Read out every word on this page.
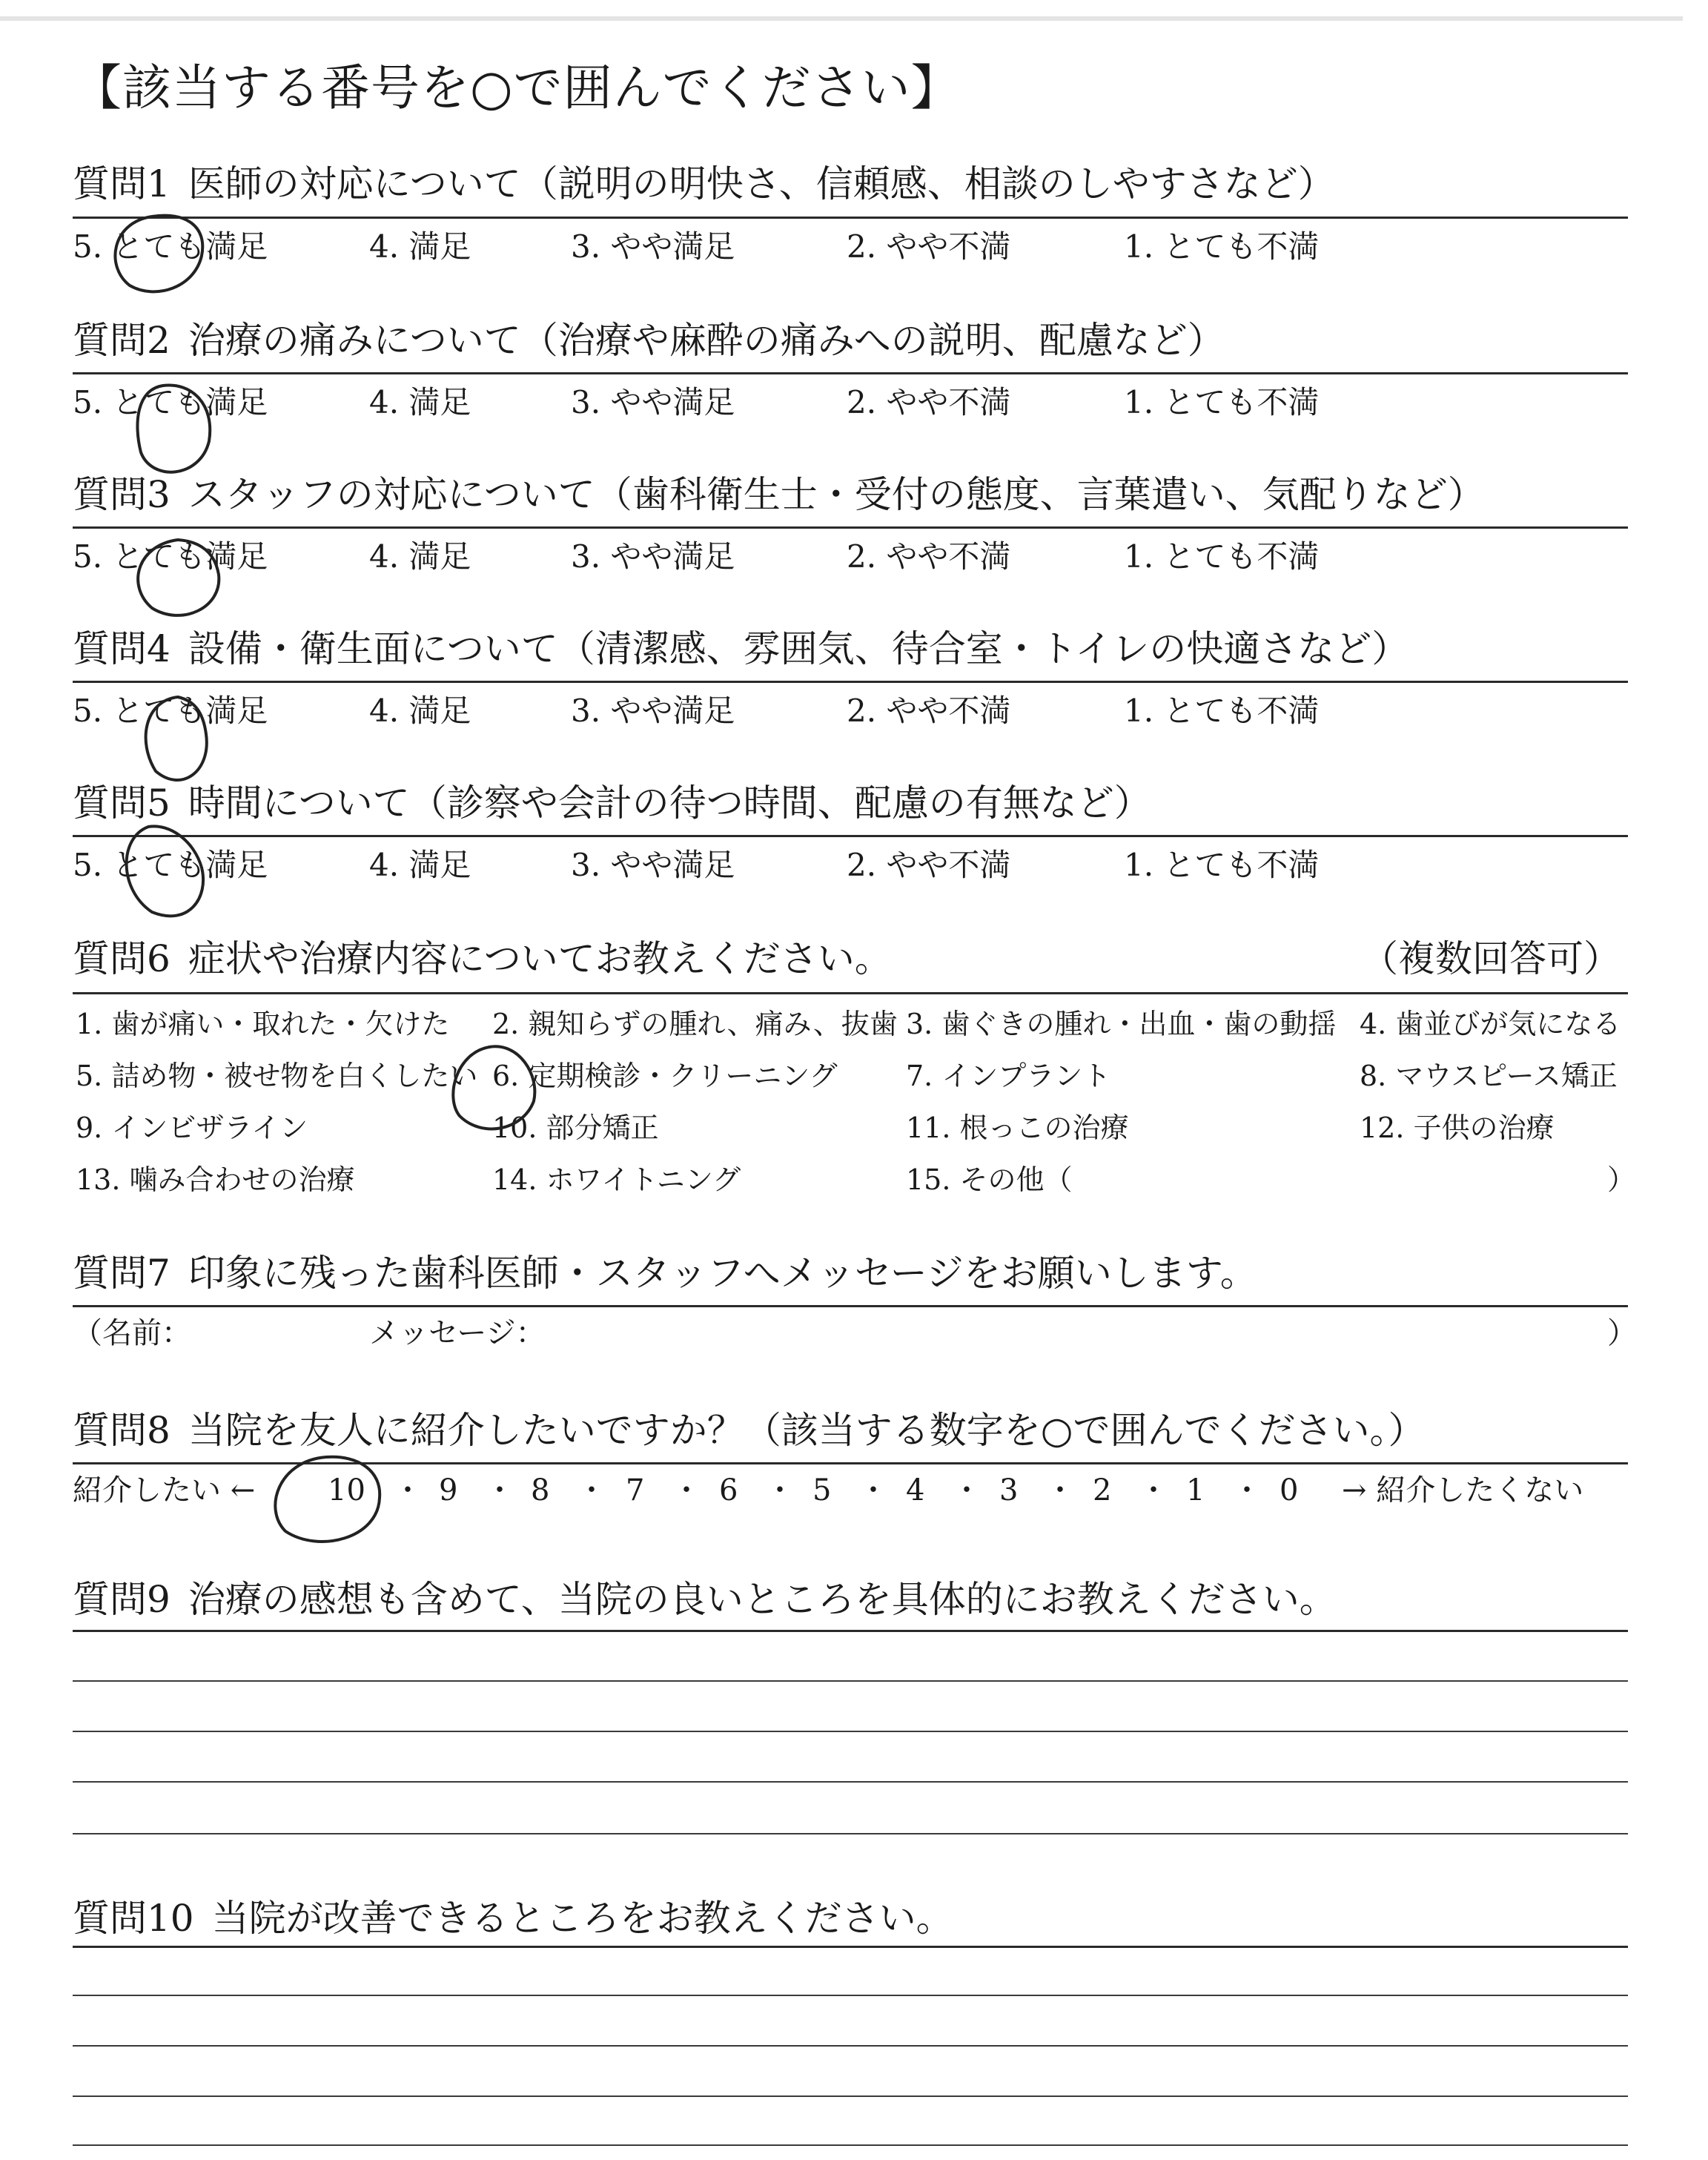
【該当する番号を○で囲んでください】
質問1 医師の対応について（説明の明快さ、信頼感、相談のしやすさなど）
5. とても満足	4. 満足	3. やや満足	2. やや不満	1. とても不満
質問2 治療の痛みについて（治療や麻酔の痛みへの説明、配慮など）
5. とても満足	4. 満足	3. やや満足	2. やや不満	1. とても不満
質問3 スタッフの対応について（歯科衛生士・受付の態度、言葉遣い、気配りなど）
5. とても満足	4. 満足	3. やや満足	2. やや不満	1. とても不満
質問4 設備・衛生面について（清潔感、雰囲気、待合室・トイレの快適さなど）
5. とても満足	4. 満足	3. やや満足	2. やや不満	1. とても不満
質問5 時間について（診察や会計の待つ時間、配慮の有無など）
5. とても満足	4. 満足	3. やや満足	2. やや不満	1. とても不満
質問6 症状や治療内容についてお教えください。	（複数回答可）
1. 歯が痛い・取れた・欠けた 2. 親知らずの腫れ、痛み、抜歯 3. 歯ぐきの腫れ・出血・歯の動揺 4. 歯並びが気になる
5. 詰め物・被せ物を白くしたい 6. 定期検診・クリーニング 7. インプラント	8. マウスピース矯正
9. インビザライン	10. 部分矯正	11. 根っこの治療	12. 子供の治療
13. 噛み合わせの治療	14. ホワイトニング	15. その他（	）
質問7 印象に残った歯科医師・スタッフへメッセージをお願いします。
（名前：	メッセージ：	）
質問8 当院を友人に紹介したいですか？（該当する数字を○で囲んでください。）
紹介したい ← 10 ・ 9 ・ 8 ・ 7 ・ 6 ・ 5 ・ 4 ・ 3 ・ 2 ・ 1 ・ 0 → 紹介したくない
質問9 治療の感想も含めて、当院の良いところを具体的にお教えください。
質問10 当院が改善できるところをお教えください。
